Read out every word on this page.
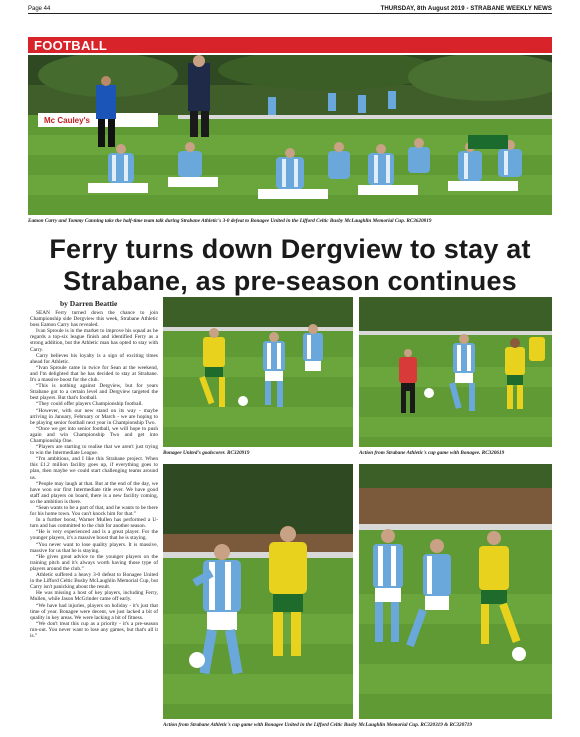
Page 44	THURSDAY, 8th August 2019 - STRABANE WEEKLY NEWS
FOOTBALL
Mc Cauley's
Eamon Carry and Tommy Canning take the half-time team talk during Strabane Athletic's 3-0 defeat to Bonagee United in the Lifford Celtic Busby McLaughlin Memorial Cup. RC3620819
Ferry turns down Dergview to stay at Strabane, as pre-season continues
by Darren Beattie

SEAN Ferry turned down the chance to join Championship side Dergview this week, Strabane Athletic boss Eamon Carry has revealed.

Ivan Sproule is in the market to improve his squad as he regards a top-six league finish and identified Ferry as a strong addition, but the Athletic man has opted to stay with Carry.

Carry believes his loyalty is a sign of exciting times ahead for Athletic.

“Ivan Sproule came in twice for Sean at the weekend, and I'm delighted that he has decided to stay at Strabane. It's a massive boost for the club.

“This is nothing against Dergview, but for years Strabane got to a certain level and Dergview targeted the best players. But that's football.

“They could offer players Championship football.

“However, with our new stand on its way - maybe arriving in January, February or March - we are hoping to be playing senior football next year in Championship Two.

“Once we get into senior football, we will hope to push again and win Championship Two and get into Championship One.

“Players are starting to realise that we aren't just trying to win the Intermediate League.

“I'm ambitious, and I like this Strabane project. When this £1.2 million facility goes up, if everything goes to plan, then maybe we could start challenging teams around us.

“People may laugh at that. But at the end of the day, we have won our first Intermediate title ever. We have good staff and players on board, there is a new facility coming, so the ambition is there.

“Sean wants to be a part of that, and he wants to be there for his home town. You can't knock him for that.”

In a further boost, Warner Mullen has performed a U-turn and has committed to the club for another season.

“He is very experienced and is a great player. For the younger players, it's a massive boost that he is staying.

“You never want to lose quality players. It is massive, massive for us that he is staying.

“He gives great advice to the younger players on the training pitch and it's always worth having those type of players around the club.”

Athletic suffered a heavy 3-0 defeat to Bonagee United in the Lifford Celtic Busby McLaughlin Memorial Cup, but Carry isn't panicking about the result.

He was missing a host of key players, including Ferry, Mullen, while Jason McGrinder came off early.

“We have had injuries, players on holiday - it's just that time of year. Bonagee were decent, we just lacked a bit of quality in key areas. We were lacking a bit of fitness.

“We don't treat this cup as a priority - it's a pre-season run-out. You never want to lose any games, but that's all it is.”

Bonagee United's goalscorer. RC320919	Action from Strabane Athletic's cup game with Bonagee. RC320619
Action from Strabane Athletic's cup game with Bonagee United in the Lifford Celtic Busby McLaughlin Memorial Cup. RC320319 & RC320719
